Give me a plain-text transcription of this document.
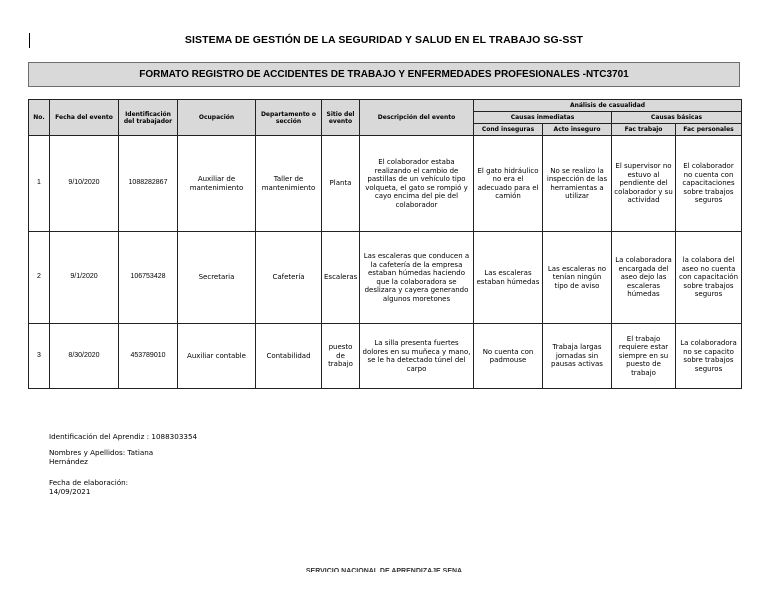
SISTEMA DE GESTIÓN DE LA SEGURIDAD Y SALUD EN EL TRABAJO SG-SST
FORMATO REGISTRO DE ACCIDENTES DE TRABAJO Y ENFERMEDADES PROFESIONALES -NTC3701
No.	Fecha del evento	Identificación del trabajador	Ocupación	Departamento o sección	Sitio del evento	Descripción del evento	Análisis de casualidad			
							Causas inmediatas		Causas básicas	
							Cond inseguras	Acto inseguro	Fac trabajo	Fac personales
1	9/10/2020	1088282867	Auxiliar de mantenimiento	Taller de mantenimiento	Planta	El colaborador estaba realizando el cambio de pastillas de un vehículo tipo volqueta, el gato se rompió y cayo encima del pie del colaborador	El gato hidráulico no era el adecuado para el camión	No se realizo la inspección de las herramientas a utilizar	El supervisor no estuvo al pendiente del colaborador y su actividad	El colaborador no cuenta con capacitaciones sobre trabajos seguros
2	9/1/2020	106753428	Secretaria	Cafetería	Escaleras	Las escaleras que conducen a la cafetería de la empresa estaban húmedas haciendo que la colaboradora se deslizara y cayera generando algunos moretones	Las escaleras estaban húmedas	Las escaleras no tenían ningún tipo de aviso	La colaboradora encargada del aseo dejo las escaleras húmedas	la colabora del aseo no cuenta con capacitación sobre trabajos seguros
3	8/30/2020	453789010	Auxiliar contable	Contabilidad	puesto de trabajo	La silla presenta fuertes dolores en su muñeca y mano, se le ha detectado túnel del carpo	No cuenta con padmouse	Trabaja largas jornadas sin pausas activas	El trabajo requiere estar siempre en su puesto de trabajo	La colaboradora no se capacito sobre trabajos seguros
Identificación del Aprendiz : 1088303354
Nombres y Apellidos: Tatiana
Hernández
Fecha de elaboración:
14/09/2021
SERVICIO NACIONAL DE APRENDIZAJE SENA
